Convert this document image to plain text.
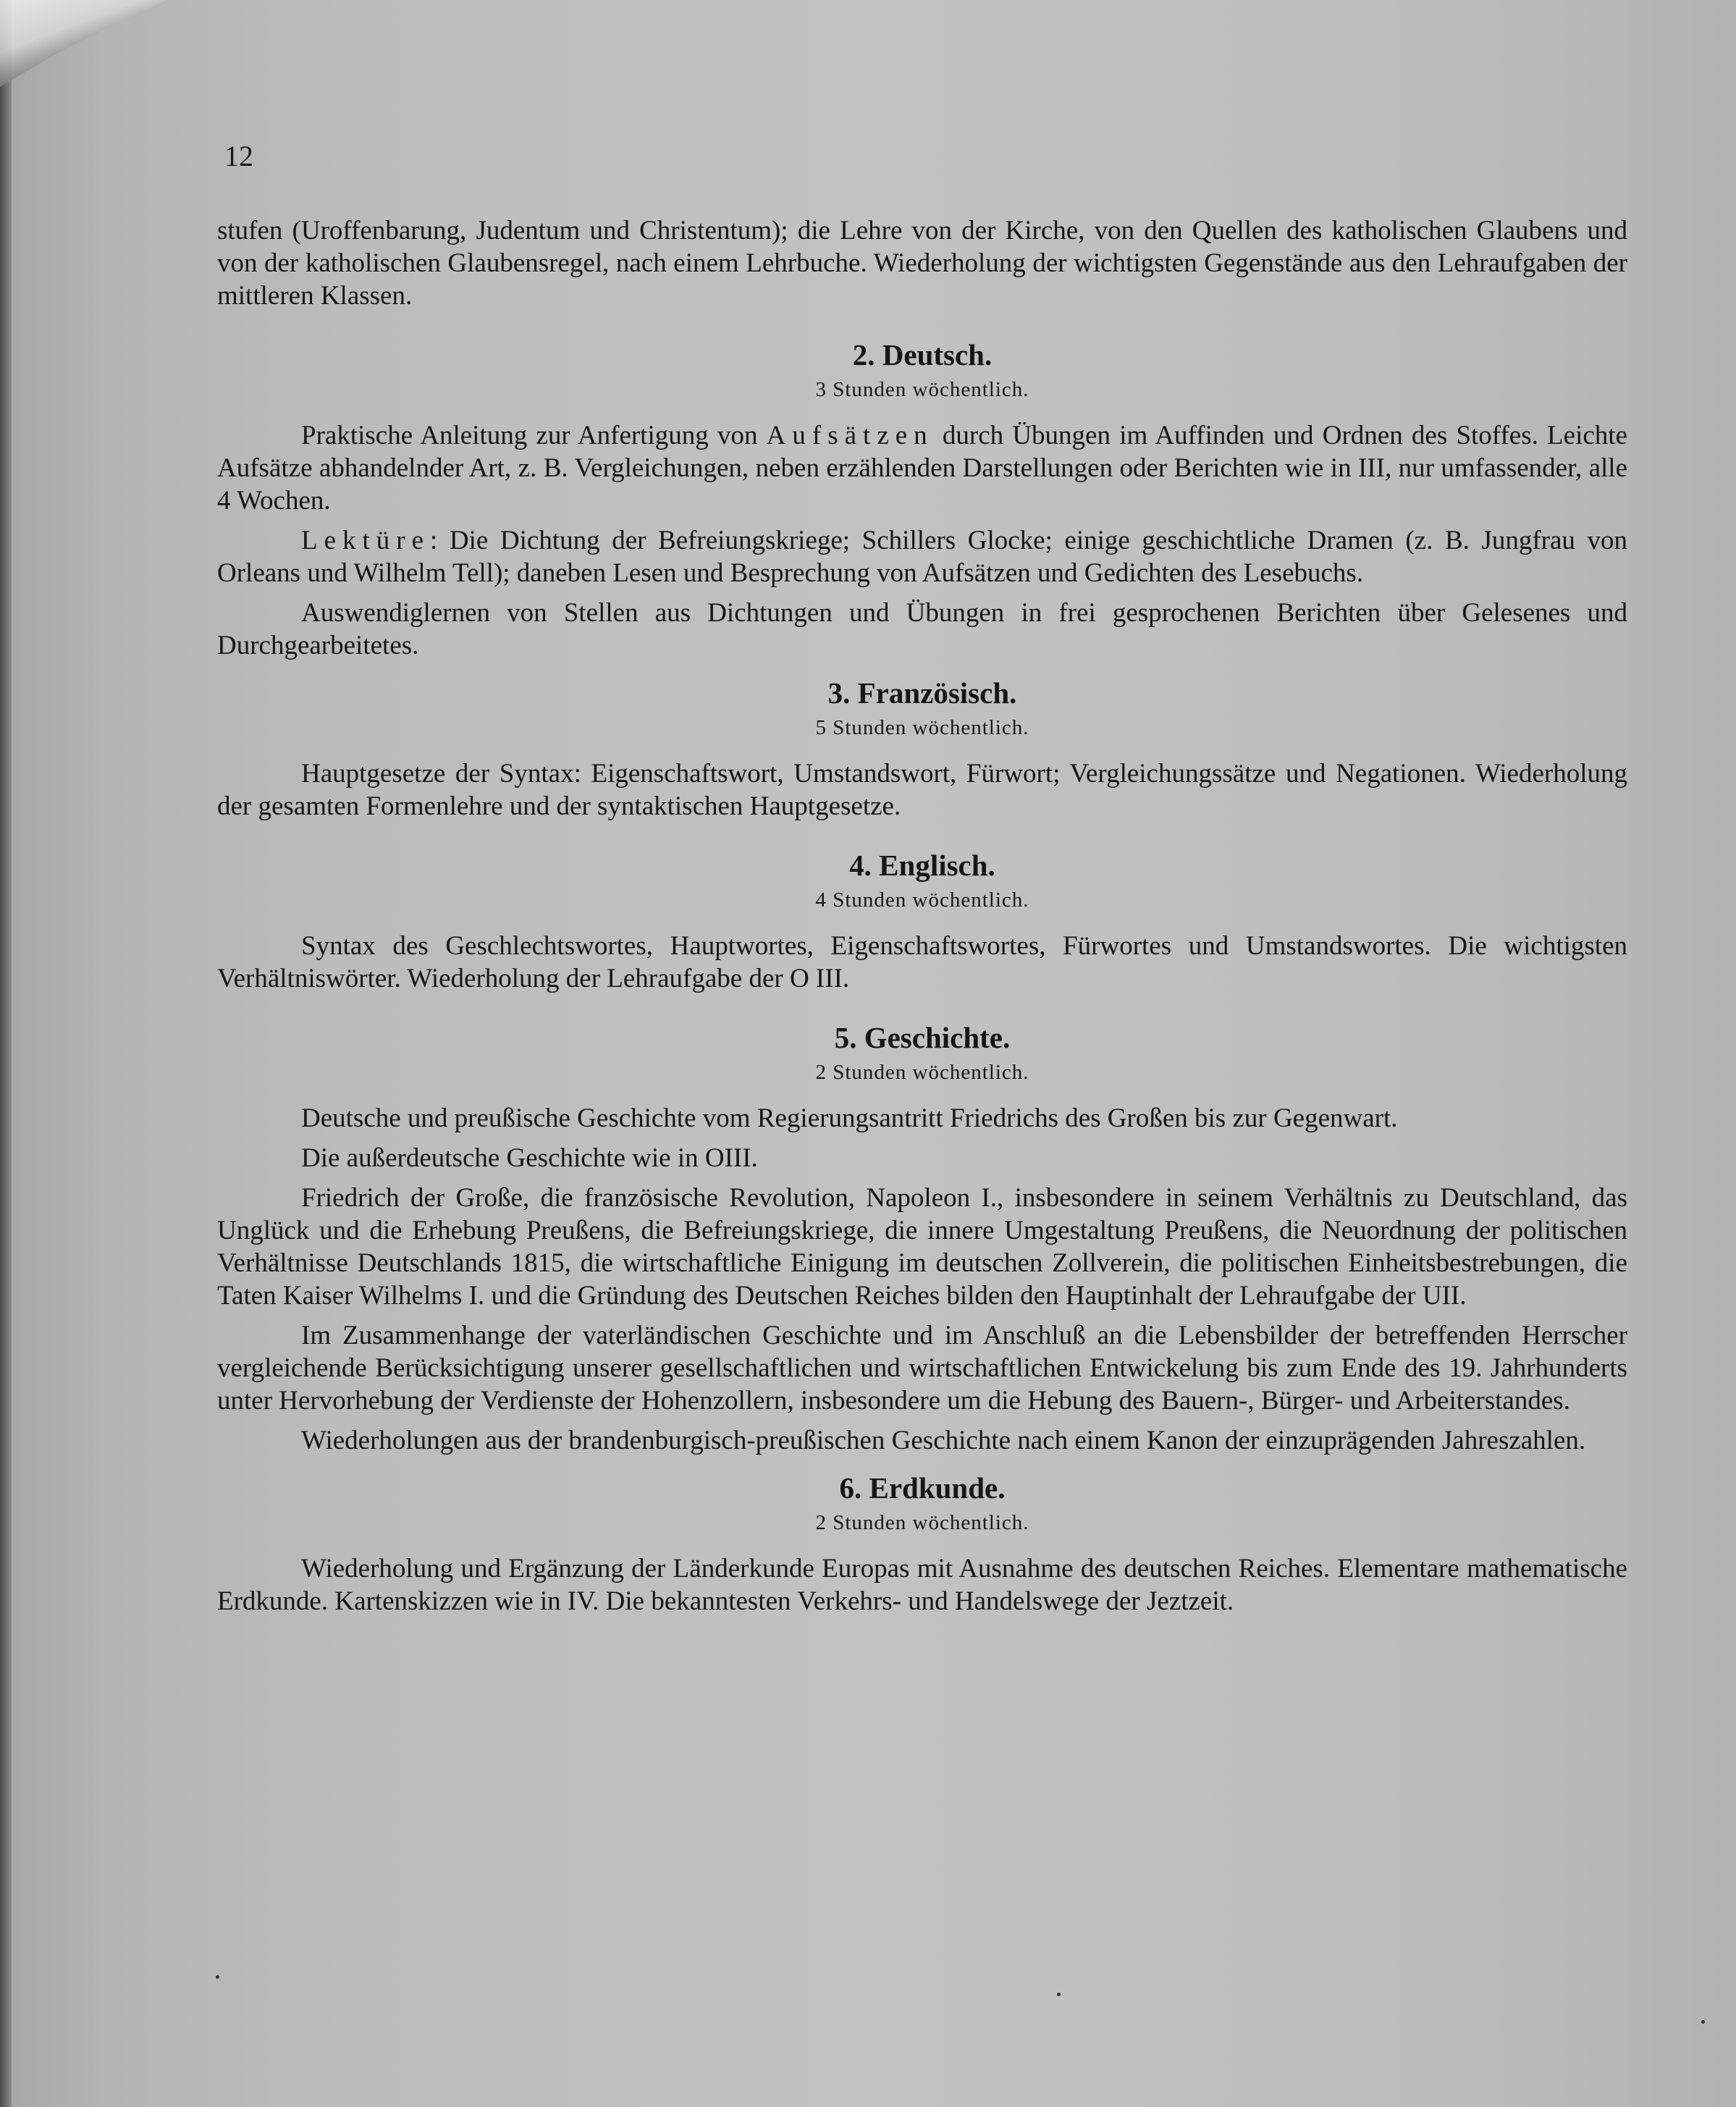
12

stufen (Uroffenbarung, Judentum und Christentum); die Lehre von der Kirche, von den Quellen des katholischen Glaubens und von der katholischen Glaubensregel, nach einem Lehrbuche. Wiederholung der wichtigsten Gegenstände aus den Lehraufgaben der mittleren Klassen.

2. Deutsch.
3 Stunden wöchentlich.

Praktische Anleitung zur Anfertigung von Aufsätzen durch Übungen im Auffinden und Ordnen des Stoffes. Leichte Aufsätze abhandelnder Art, z. B. Vergleichungen, neben erzählenden Darstellungen oder Berichten wie in III, nur umfassender, alle 4 Wochen.

Lektüre: Die Dichtung der Befreiungskriege; Schillers Glocke; einige geschichtliche Dramen (z. B. Jungfrau von Orleans und Wilhelm Tell); daneben Lesen und Besprechung von Aufsätzen und Gedichten des Lesebuchs.

Auswendiglernen von Stellen aus Dichtungen und Übungen in frei gesprochenen Berichten über Gelesenes und Durchgearbeitetes.

3. Französisch.
5 Stunden wöchentlich.

Hauptgesetze der Syntax: Eigenschaftswort, Umstandswort, Fürwort; Vergleichungssätze und Negationen. Wiederholung der gesamten Formenlehre und der syntaktischen Hauptgesetze.

4. Englisch.
4 Stunden wöchentlich.

Syntax des Geschlechtswortes, Hauptwortes, Eigenschaftswortes, Fürwortes und Umstandswortes. Die wichtigsten Verhältniswörter. Wiederholung der Lehraufgabe der O III.

5. Geschichte.
2 Stunden wöchentlich.

Deutsche und preußische Geschichte vom Regierungsantritt Friedrichs des Großen bis zur Gegenwart.

Die außerdeutsche Geschichte wie in OIII.

Friedrich der Große, die französische Revolution, Napoleon I., insbesondere in seinem Verhältnis zu Deutschland, das Unglück und die Erhebung Preußens, die Befreiungskriege, die innere Umgestaltung Preußens, die Neuordnung der politischen Verhältnisse Deutschlands 1815, die wirtschaftliche Einigung im deutschen Zollverein, die politischen Einheitsbestrebungen, die Taten Kaiser Wilhelms I. und die Gründung des Deutschen Reiches bilden den Hauptinhalt der Lehraufgabe der UII.

Im Zusammenhange der vaterländischen Geschichte und im Anschluß an die Lebensbilder der betreffenden Herrscher vergleichende Berücksichtigung unserer gesellschaftlichen und wirtschaftlichen Entwickelung bis zum Ende des 19. Jahrhunderts unter Hervorhebung der Verdienste der Hohenzollern, insbesondere um die Hebung des Bauern-, Bürger- und Arbeiterstandes.

Wiederholungen aus der brandenburgisch-preußischen Geschichte nach einem Kanon der einzuprägenden Jahreszahlen.

6. Erdkunde.
2 Stunden wöchentlich.

Wiederholung und Ergänzung der Länderkunde Europas mit Ausnahme des deutschen Reiches. Elementare mathematische Erdkunde. Kartenskizzen wie in IV. Die bekanntesten Verkehrs- und Handelswege der Jeztzeit.
